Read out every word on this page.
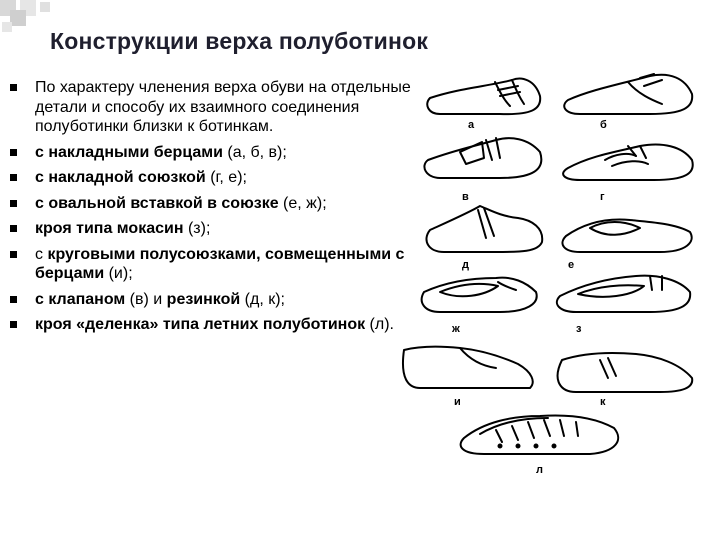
Конструкции верха полуботинок
По характеру членения верха обуви на отдельные детали и способу их взаимного соединения полуботинки близки к ботинкам.
с накладными берцами (а, б, в);
с накладной союзкой (г, е);
с овальной вставкой в союзке (е, ж);
кроя типа мокасин (з);
с круговыми полусоюзками, совмещенными с берцами (и);
с клапаном (в) и резинкой (д, к);
кроя «деленка» типа летних полуботинок (л).
а	б
в	г
д	е
ж	з
и	к
л
